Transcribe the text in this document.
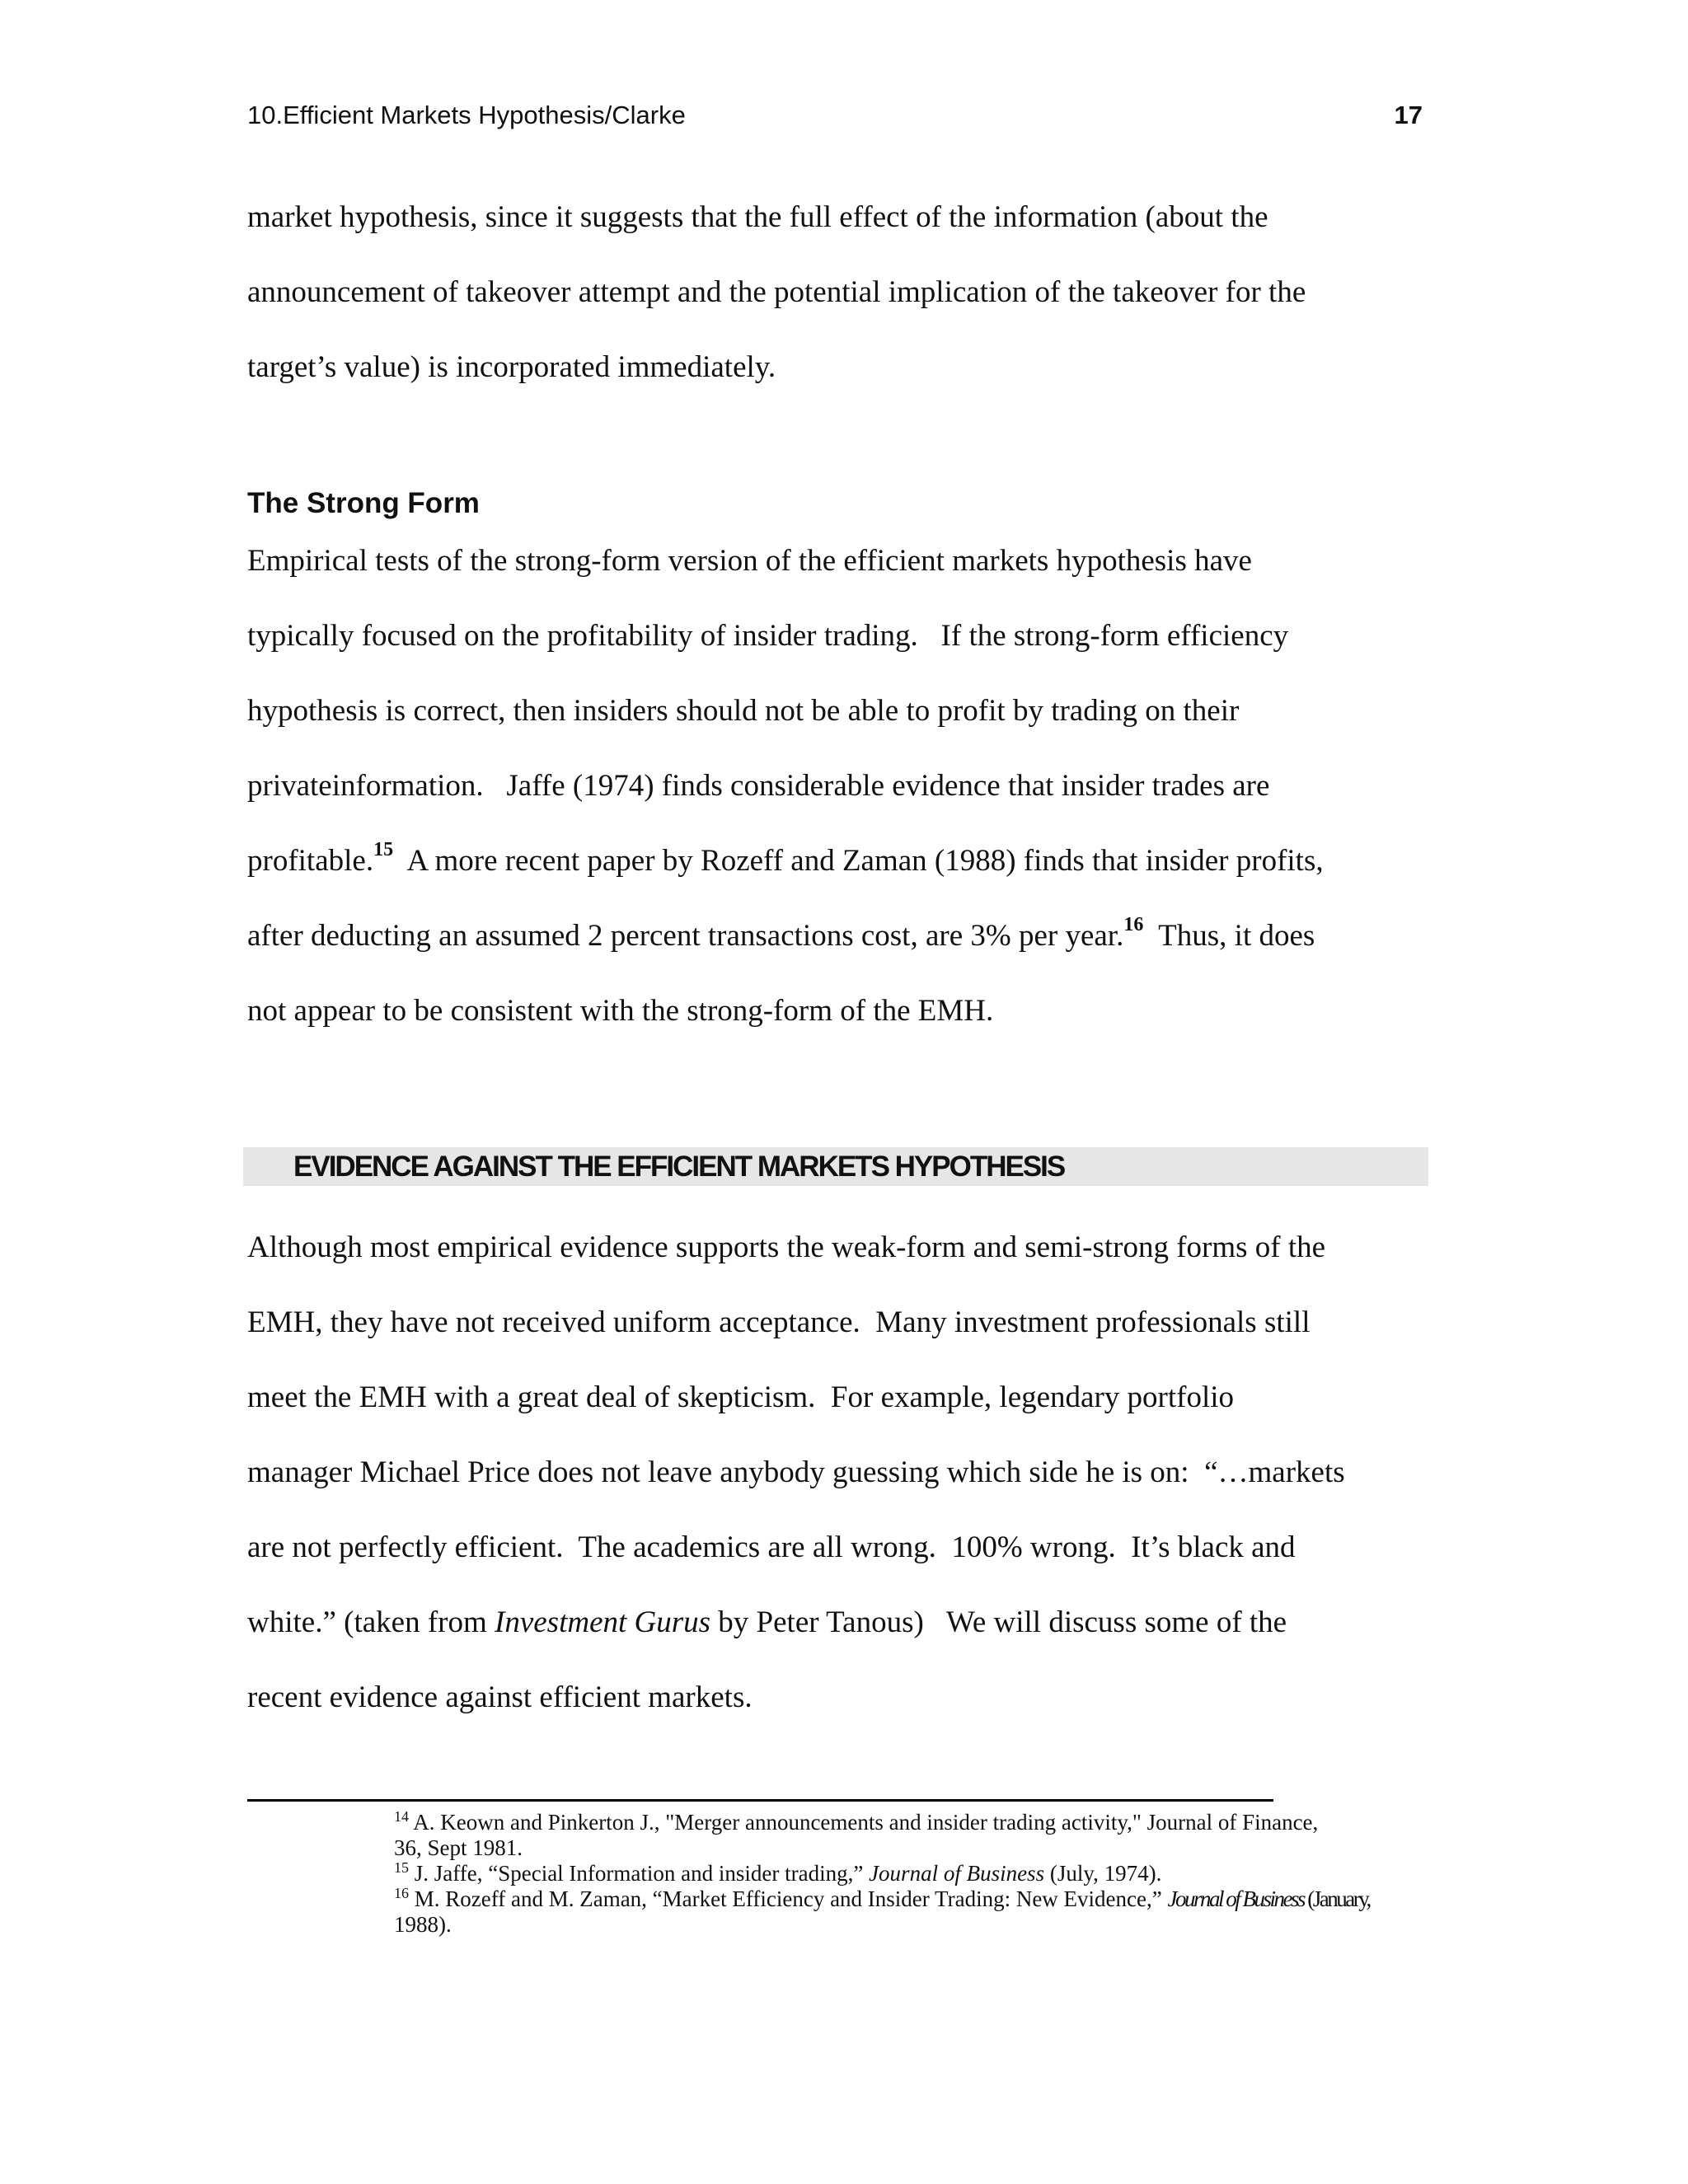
10.Efficient Markets Hypothesis/Clarke	17
market hypothesis, since it suggests that the full effect of the information (about the
announcement of takeover attempt and the potential implication of the takeover for the
target’s value) is incorporated immediately.
The Strong Form
Empirical tests of the strong-form version of the efficient markets hypothesis have
typically focused on the profitability of insider trading.   If the strong-form efficiency
hypothesis is correct, then insiders should not be able to profit by trading on their
privateinformation.   Jaffe (1974) finds considerable evidence that insider trades are
profitable.$^{15}$  A more recent paper by Rozeff and Zaman (1988) finds that insider profits,
after deducting an assumed 2 percent transactions cost, are 3% per year.$^{16}$  Thus, it does
not appear to be consistent with the strong-form of the EMH.
EVIDENCE AGAINST THE EFFICIENT MARKETS HYPOTHESIS
Although most empirical evidence supports the weak-form and semi-strong forms of the
EMH, they have not received uniform acceptance.  Many investment professionals still
meet the EMH with a great deal of skepticism.  For example, legendary portfolio
manager Michael Price does not leave anybody guessing which side he is on:  “…markets
are not perfectly efficient.  The academics are all wrong.  100% wrong.  It’s black and
white.” (taken from Investment Gurus by Peter Tanous)   We will discuss some of the
recent evidence against efficient markets.
$^{14}$ A. Keown and Pinkerton J., "Merger announcements and insider trading activity," Journal of Finance,
36, Sept 1981.
$^{15}$ J. Jaffe, “Special Information and insider trading,” Journal of Business (July, 1974).
$^{16}$ M. Rozeff and M. Zaman, “Market Efficiency and Insider Trading: New Evidence,” Journal of Business (January,
1988).
